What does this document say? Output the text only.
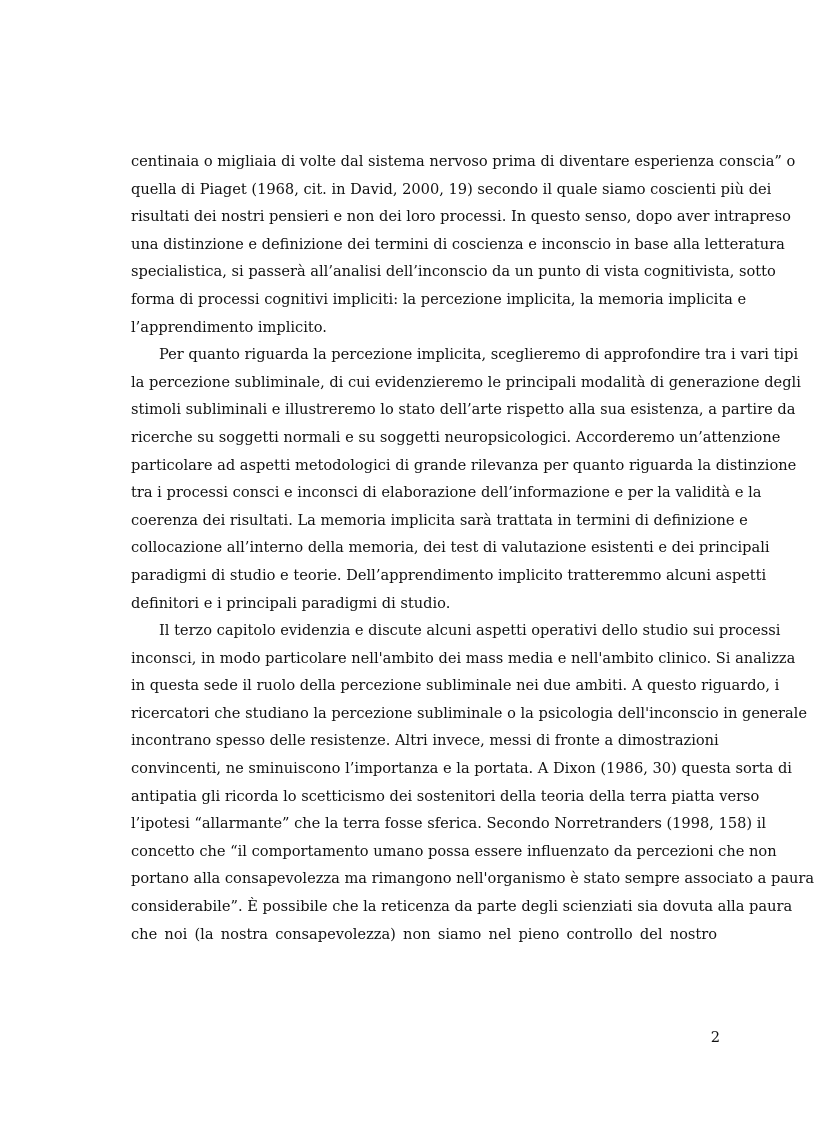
centinaia o migliaia di volte dal sistema nervoso prima di diventare esperienza conscia” o
quella di Piaget (1968, cit. in David, 2000, 19) secondo il quale siamo coscienti più dei
risultati dei nostri pensieri e non dei loro processi. In questo senso, dopo aver intrapreso
una distinzione e definizione dei termini di coscienza e inconscio in base alla letteratura
specialistica, si passerà all’analisi dell’inconscio da un punto di vista cognitivista, sotto
forma di processi cognitivi impliciti: la percezione implicita, la memoria implicita e
l’apprendimento implicito.
Per quanto riguarda la percezione implicita, sceglieremo di approfondire tra i vari tipi
la percezione subliminale, di cui evidenzieremo le principali modalità di generazione degli
stimoli subliminali e illustreremo lo stato dell’arte rispetto alla sua esistenza, a partire da
ricerche su soggetti normali e su soggetti neuropsicologici. Accorderemo un’attenzione
particolare ad aspetti metodologici di grande rilevanza per quanto riguarda la distinzione
tra i processi consci e inconsci di elaborazione dell’informazione e per la validità e la
coerenza dei risultati. La memoria implicita sarà trattata in termini di definizione e
collocazione all’interno della memoria, dei test di valutazione esistenti e dei principali
paradigmi di studio e teorie. Dell’apprendimento implicito tratteremmo alcuni aspetti
definitori e i principali paradigmi di studio.
Il terzo capitolo evidenzia e discute alcuni aspetti operativi dello studio sui processi
inconsci, in modo particolare nell'ambito dei mass media e nell'ambito clinico. Si analizza
in questa sede il ruolo della percezione subliminale nei due ambiti. A questo riguardo, i
ricercatori che studiano la percezione subliminale o la psicologia dell'inconscio in generale
incontrano spesso delle resistenze. Altri invece, messi di fronte a dimostrazioni
convincenti, ne sminuiscono l’importanza e la portata. A Dixon (1986, 30) questa sorta di
antipatia gli ricorda lo scetticismo dei sostenitori della teoria della terra piatta verso
l’ipotesi “allarmante” che la terra fosse sferica. Secondo Norretranders (1998, 158) il
concetto che “il comportamento umano possa essere influenzato da percezioni che non
portano alla consapevolezza ma rimangono nell'organismo è stato sempre associato a paura
considerabile”. È possibile che la reticenza da parte degli scienziati sia dovuta alla paura
che noi (la nostra consapevolezza) non siamo nel pieno controllo del nostro
2
